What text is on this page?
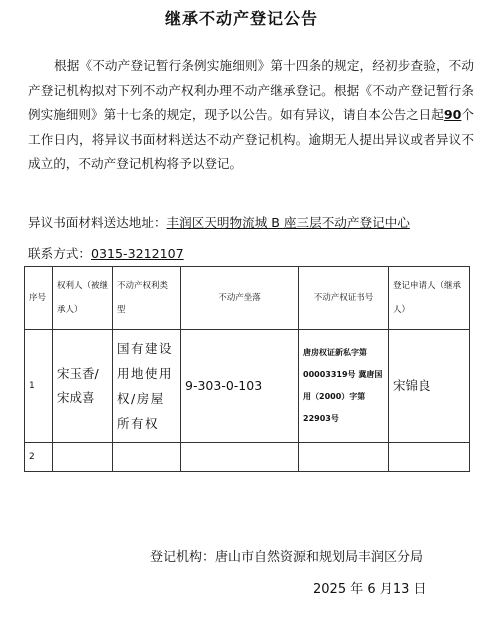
继承不动产登记公告

根据《不动产登记暂行条例实施细则》第十四条的规定，经初步查验，不动产登记机构拟对下列不动产权利办理不动产继承登记。根据《不动产登记暂行条例实施细则》第十七条的规定，现予以公告。如有异议，请自本公告之日起90个工作日内，将异议书面材料送达不动产登记机构。逾期无人提出异议或者异议不成立的，不动产登记机构将予以登记。

异议书面材料送达地址：丰润区天明物流城 B 座三层不动产登记中心
联系方式：0315-3212107
序号	权利人（被继承人）	不动产权利类型	不动产坐落	不动产权证书号	登记申请人（继承人）
1	宋玉香/宋成喜	国有建设用地使用权/房屋所有权	9-303-0-103	唐房权证新私字第00003319号 冀唐国用（2000）字第22903号	宋锦良
2					
登记机构：唐山市自然资源和规划局丰润区分局
2025 年 6 月13 日
